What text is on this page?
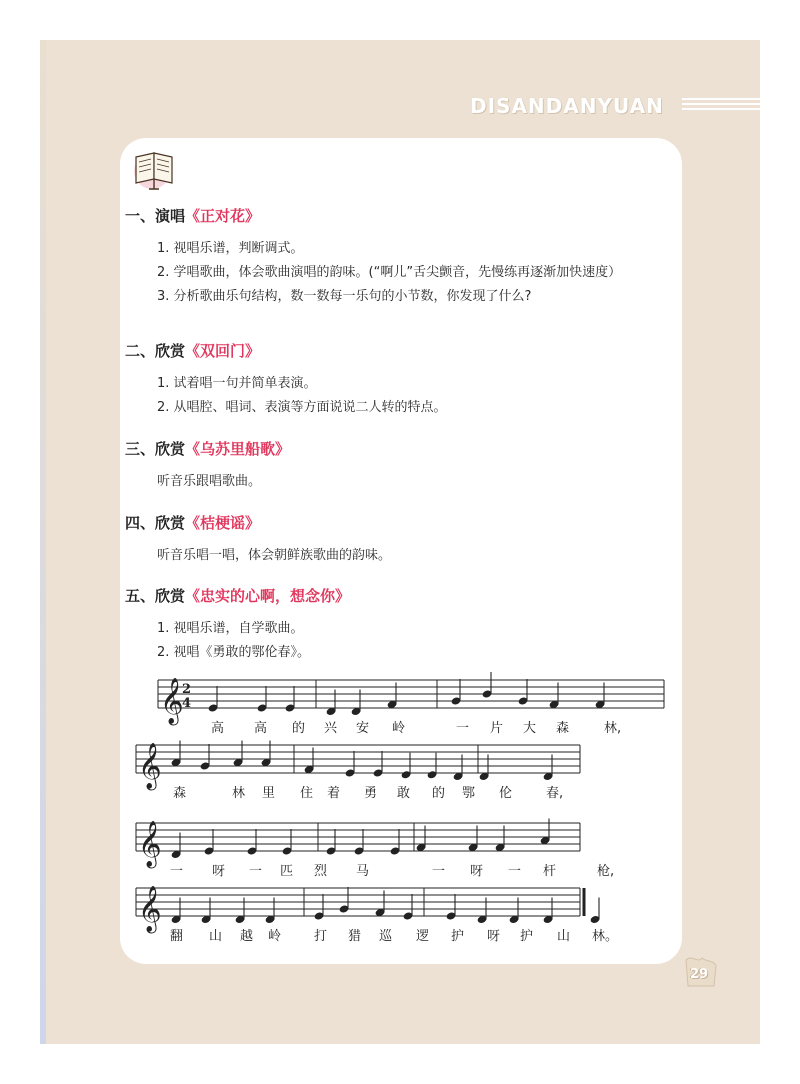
DISANDANYUAN
一、演唱《正对花》
1. 视唱乐谱，判断调式。
2. 学唱歌曲，体会歌曲演唱的韵味。(“啊儿”舌尖颤音，先慢练再逐渐加快速度）
3. 分析歌曲乐句结构，数一数每一乐句的小节数，你发现了什么?
二、欣赏《双回门》
1. 试着唱一句并简单表演。
2. 从唱腔、唱词、表演等方面说说二人转的特点。
三、欣赏《乌苏里船歌》
听音乐跟唱歌曲。
四、欣赏《桔梗谣》
听音乐唱一唱，体会朝鲜族歌曲的韵味。
五、欣赏《忠实的心啊，想念你》
1. 视唱乐谱，自学歌曲。
2. 视唱《勇敢的鄂伦春》。
𝄞
2
4
高 高 的 兴 安 岭	一 片 大 森	林,
𝄞
森	林 里 住 着 勇 敢 的 鄂 伦	春,
𝄞
一 呀 一 匹 烈 马	一 呀 一 杆	枪,
𝄞
翻 山 越 岭	打 猎 巡 逻 护 呀 护 山 林。
29
